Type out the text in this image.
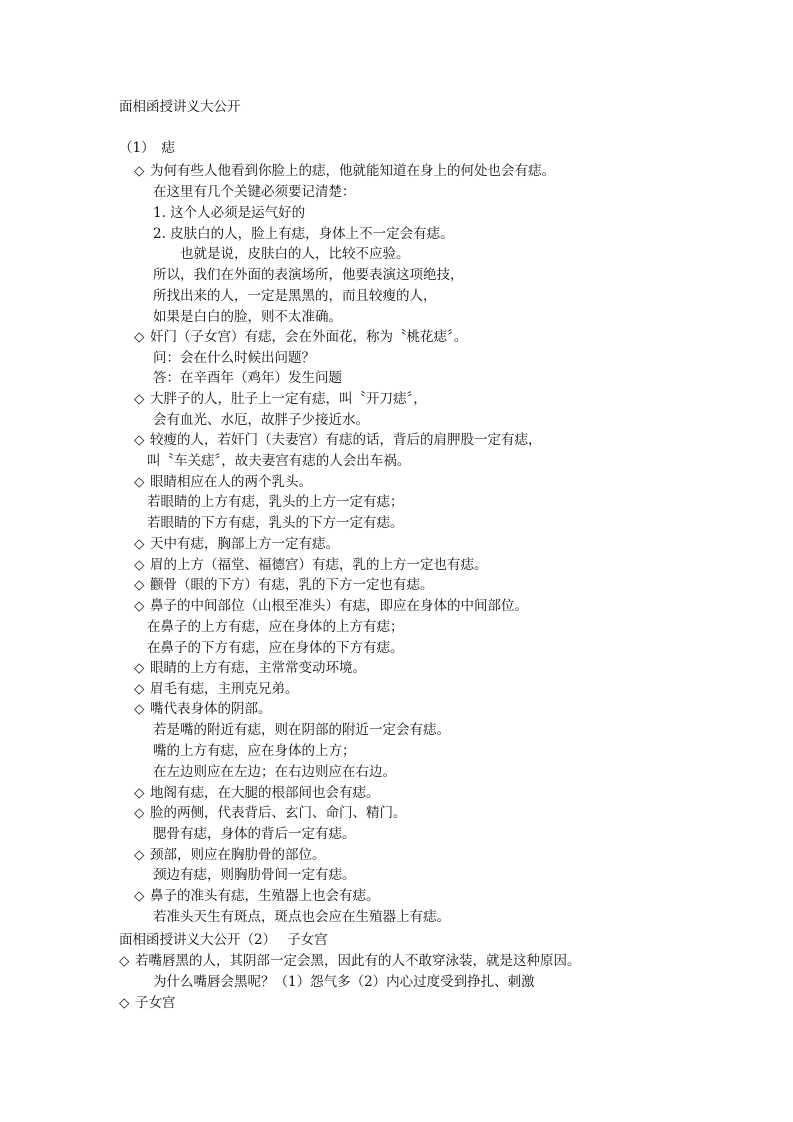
面相函授讲义大公开
（1）　痣
◇ 为何有些人他看到你脸上的痣，他就能知道在身上的何处也会有痣。
在这里有几个关键必须要记清楚：
1. 这个人必须是运气好的
2. 皮肤白的人，脸上有痣，身体上不一定会有痣。
也就是说，皮肤白的人，比较不应验。
所以，我们在外面的表演场所，他要表演这项绝技，
所找出来的人，一定是黑黑的，而且较瘦的人，
如果是白白的脸，则不太准确。
◇ 奸门（子女宫）有痣，会在外面花，称为〝桃花痣〞。
问：会在什么时候出问题？
答：在辛酉年（鸡年）发生问题
◇ 大胖子的人，肚子上一定有痣，叫〝开刀痣〞，
会有血光、水厄，故胖子少接近水。
◇ 较瘦的人，若奸门（夫妻宫）有痣的话，背后的肩胛股一定有痣，
叫〝车关痣〞，故夫妻宫有痣的人会出车祸。
◇ 眼睛相应在人的两个乳头。
若眼睛的上方有痣，乳头的上方一定有痣；
若眼睛的下方有痣，乳头的下方一定有痣。
◇ 天中有痣，胸部上方一定有痣。
◇ 眉的上方（福堂、福德宫）有痣，乳的上方一定也有痣。
◇ 颧骨（眼的下方）有痣，乳的下方一定也有痣。
◇ 鼻子的中间部位（山根至准头）有痣，即应在身体的中间部位。
在鼻子的上方有痣，应在身体的上方有痣；
在鼻子的下方有痣，应在身体的下方有痣。
◇ 眼睛的上方有痣，主常常变动环境。
◇ 眉毛有痣，主刑克兄弟。
◇ 嘴代表身体的阴部。
若是嘴的附近有痣，则在阴部的附近一定会有痣。
嘴的上方有痣，应在身体的上方；
在左边则应在左边；在右边则应在右边。
◇ 地阁有痣，在大腿的根部间也会有痣。
◇ 脸的两侧，代表背后、玄门、命门、精门。
腮骨有痣，身体的背后一定有痣。
◇ 颈部，则应在胸肋骨的部位。
颈边有痣，则胸肋骨间一定有痣。
◇ 鼻子的准头有痣，生殖器上也会有痣。
若准头天生有斑点，斑点也会应在生殖器上有痣。
面相函授讲义大公开（2）　 子女宫
◇ 若嘴唇黑的人，其阴部一定会黑，因此有的人不敢穿泳装，就是这种原因。
为什么嘴唇会黑呢？（1）怨气多（2）内心过度受到挣扎、刺激
◇ 子女宫
